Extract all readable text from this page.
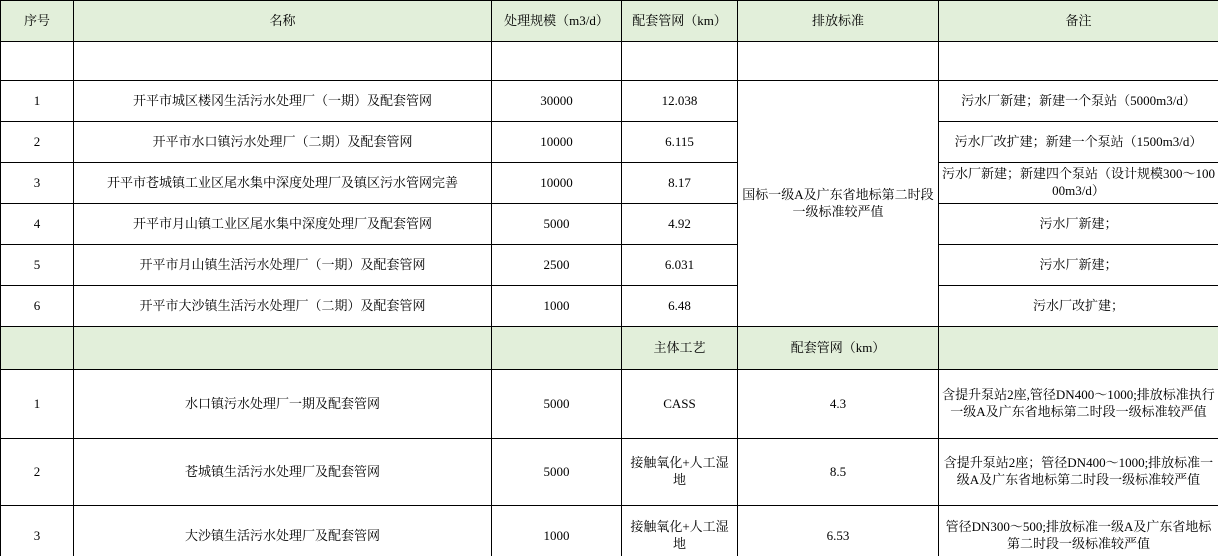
序号	名称	处理规模（m3/d）	配套管网（km）	排放标准	备注

1	开平市城区楼冈生活污水处理厂（一期）及配套管网	30000	12.038	国标一级A及广东省地标第二时段一级标准较严值	污水厂新建；新建一个泵站（5000m3/d）
2	开平市水口镇污水处理厂（二期）及配套管网	10000	6.115		污水厂改扩建；新建一个泵站（1500m3/d）
3	开平市苍城镇工业区尾水集中深度处理厂及镇区污水管网完善	10000	8.17		污水厂新建；新建四个泵站（设计规模300～10000m3/d）
4	开平市月山镇工业区尾水集中深度处理厂及配套管网	5000	4.92		污水厂新建；
5	开平市月山镇生活污水处理厂（一期）及配套管网	2500	6.031		污水厂新建；
6	开平市大沙镇生活污水处理厂（二期）及配套管网	1000	6.48		污水厂改扩建；
			主体工艺	配套管网（km）	
1	水口镇污水处理厂一期及配套管网	5000	CASS	4.3	含提升泵站2座,管径DN400～1000;排放标准执行一级A及广东省地标第二时段一级标准较严值
2	苍城镇生活污水处理厂及配套管网	5000	接触氧化+人工湿地	8.5	含提升泵站2座；管径DN400～1000;排放标准一级A及广东省地标第二时段一级标准较严值
3	大沙镇生活污水处理厂及配套管网	1000	接触氧化+人工湿地	6.53	管径DN300～500;排放标准一级A及广东省地标第二时段一级标准较严值
